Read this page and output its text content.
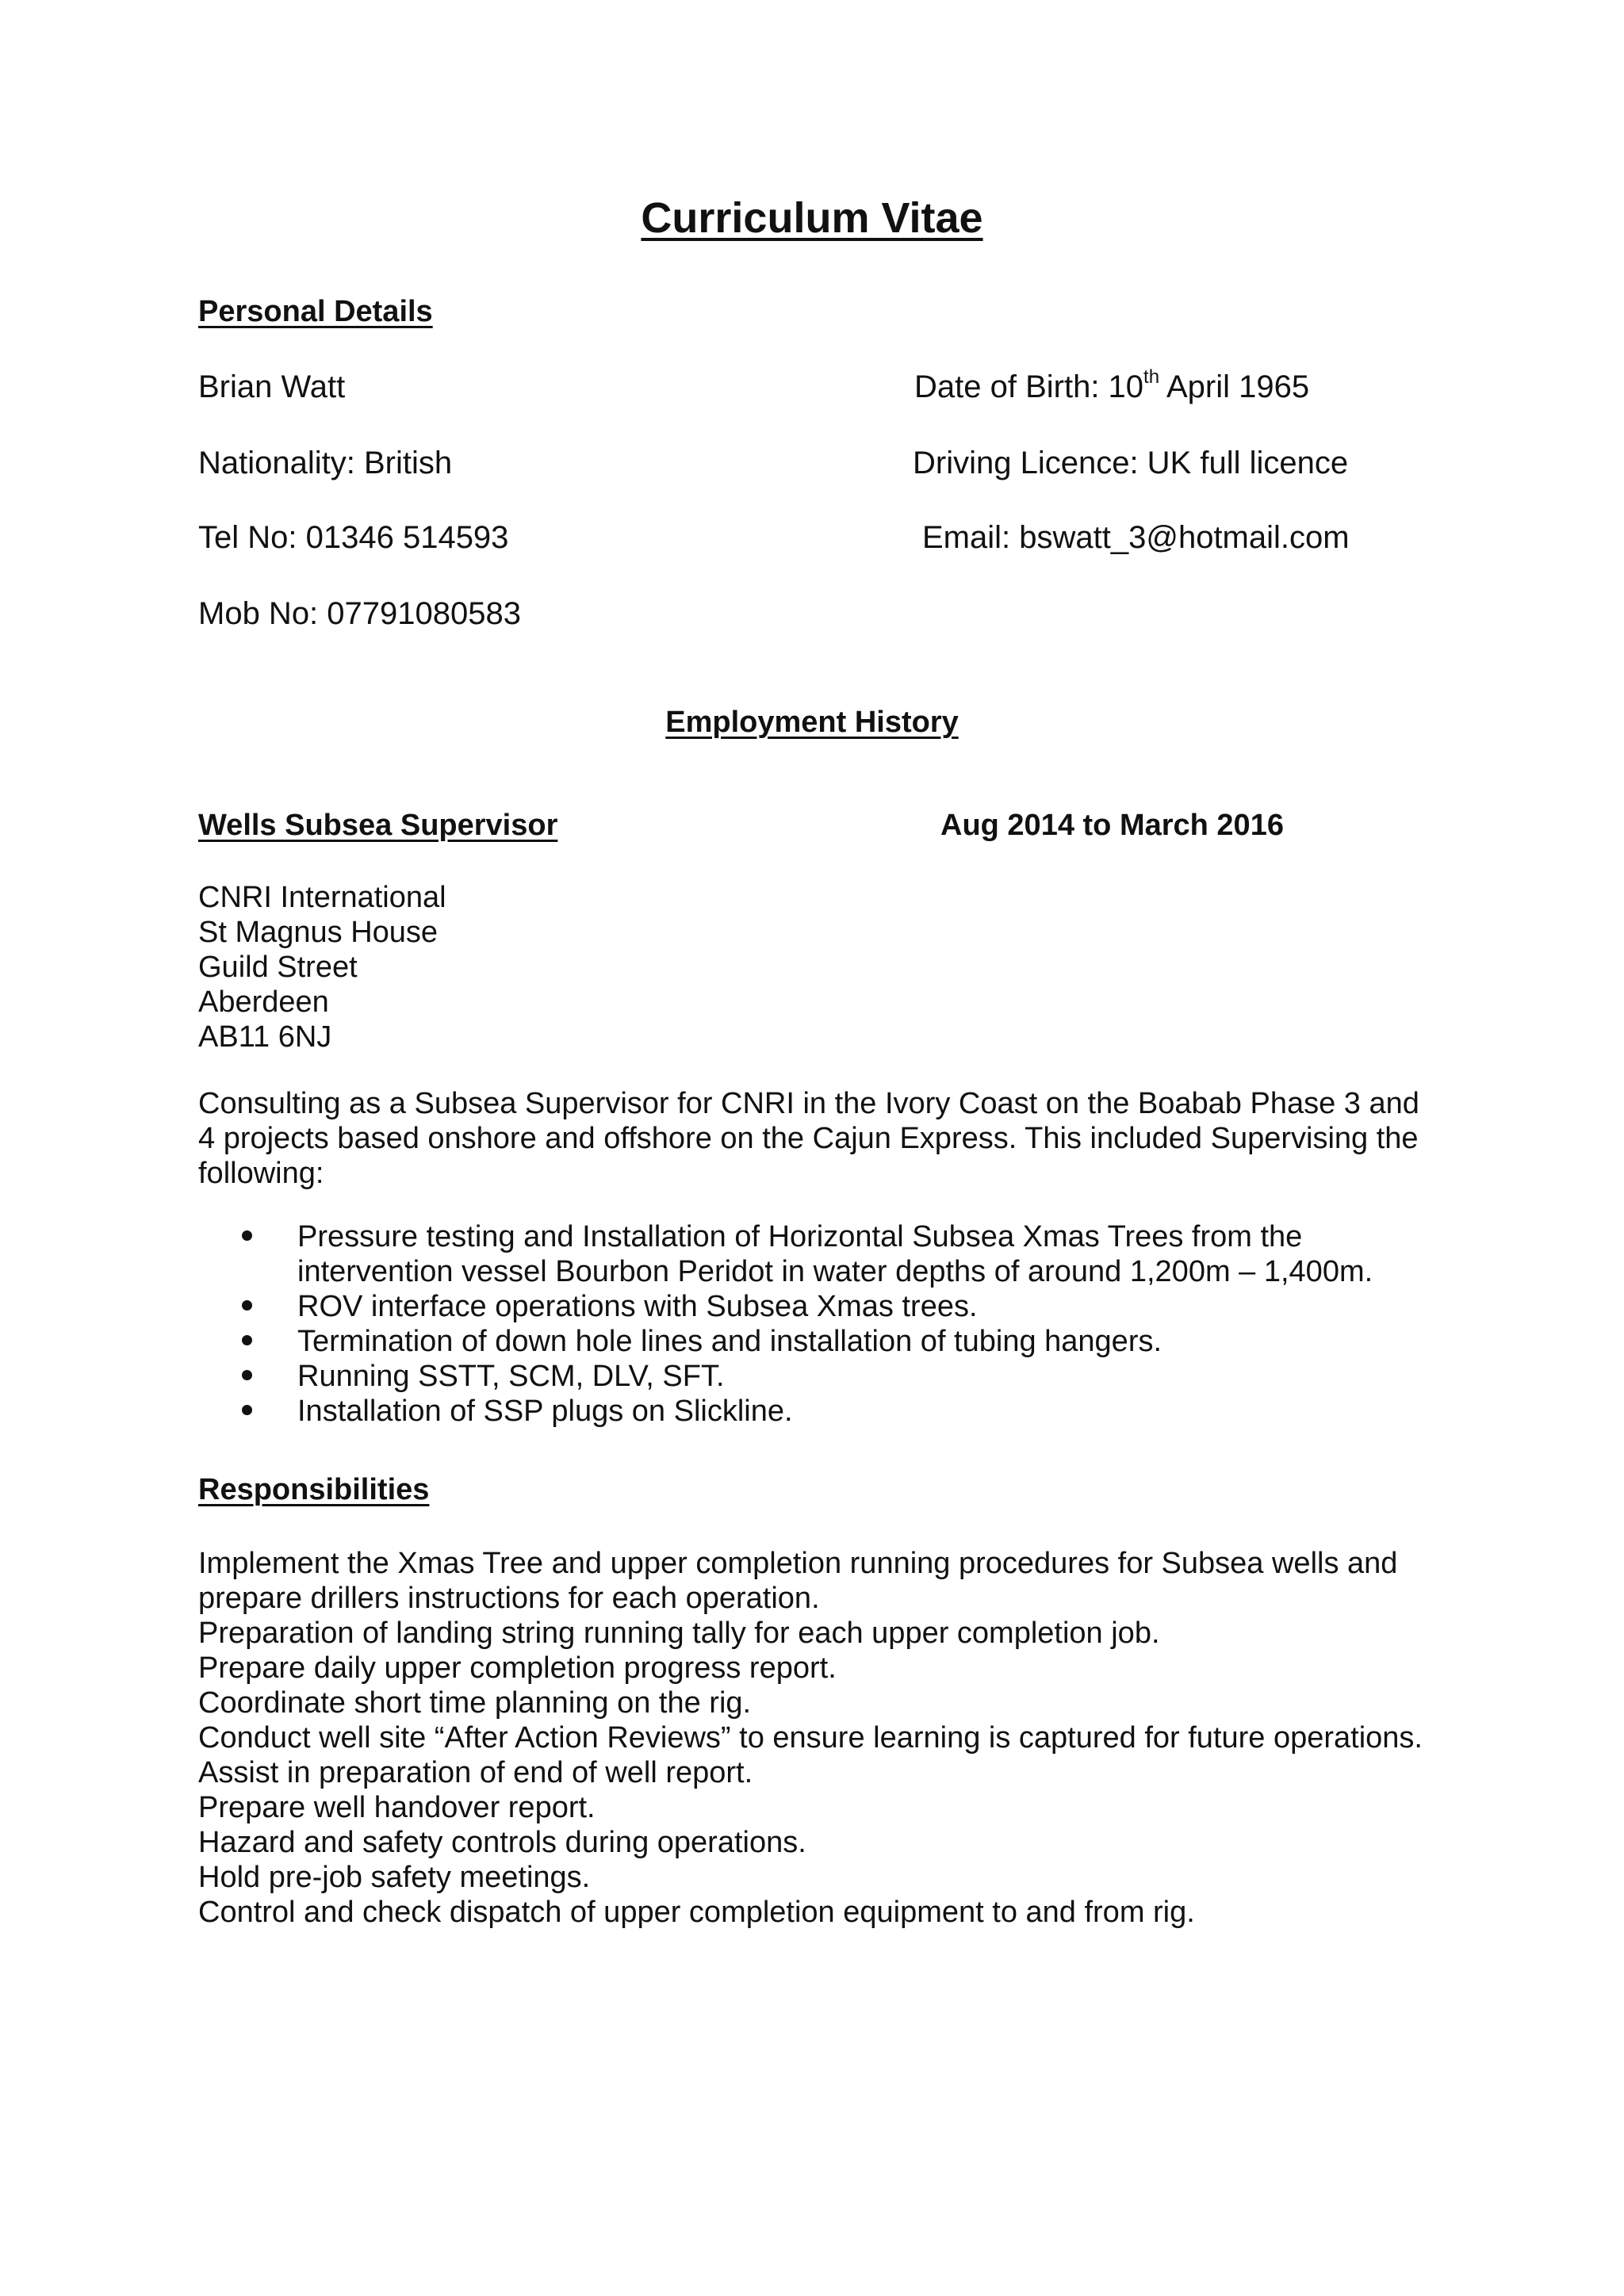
Curriculum Vitae
Personal Details
Brian Watt	Date of Birth: 10th April 1965
Nationality: British	Driving Licence: UK full licence
Tel No: 01346 514593	Email: bswatt_3@hotmail.com
Mob No: 07791080583
Employment History
Wells Subsea Supervisor	Aug 2014 to March 2016
CNRI International
St Magnus House
Guild Street
Aberdeen
AB11 6NJ
Consulting as a Subsea Supervisor for CNRI in the Ivory Coast on the Boabab Phase 3 and
4 projects based onshore and offshore on the Cajun Express. This included Supervising the
following:
Pressure testing and Installation of Horizontal Subsea Xmas Trees from the
intervention vessel Bourbon Peridot in water depths of around 1,200m – 1,400m.
ROV interface operations with Subsea Xmas trees.
Termination of down hole lines and installation of tubing hangers.
Running SSTT, SCM, DLV, SFT.
Installation of SSP plugs on Slickline.
Responsibilities
Implement the Xmas Tree and upper completion running procedures for Subsea wells and
prepare drillers instructions for each operation.
Preparation of landing string running tally for each upper completion job.
Prepare daily upper completion progress report.
Coordinate short time planning on the rig.
Conduct well site “After Action Reviews” to ensure learning is captured for future operations.
Assist in preparation of end of well report.
Prepare well handover report.
Hazard and safety controls during operations.
Hold pre-job safety meetings.
Control and check dispatch of upper completion equipment to and from rig.
